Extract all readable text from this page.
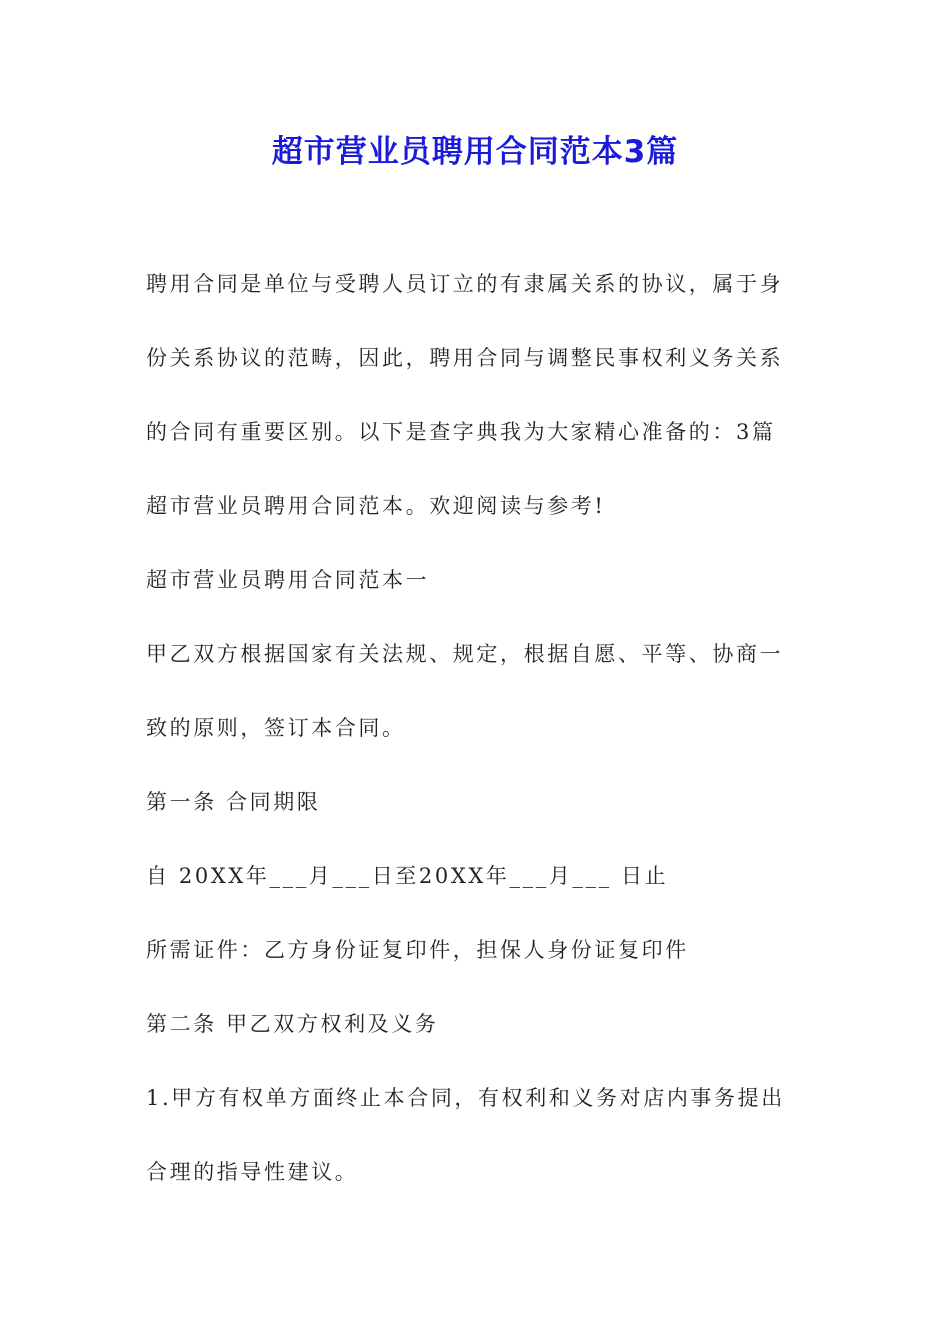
超市营业员聘用合同范本3篇
聘用合同是单位与受聘人员订立的有隶属关系的协议，属于身
份关系协议的范畴，因此，聘用合同与调整民事权利义务关系
的合同有重要区别。以下是查字典我为大家精心准备的：3篇
超市营业员聘用合同范本。欢迎阅读与参考!
超市营业员聘用合同范本一
甲乙双方根据国家有关法规、规定，根据自愿、平等、协商一
致的原则，签订本合同。
第一条 合同期限
自 20XX年___月___日至20XX年___月___ 日止
所需证件：乙方身份证复印件，担保人身份证复印件
第二条 甲乙双方权利及义务
1.甲方有权单方面终止本合同，有权利和义务对店内事务提出
合理的指导性建议。
